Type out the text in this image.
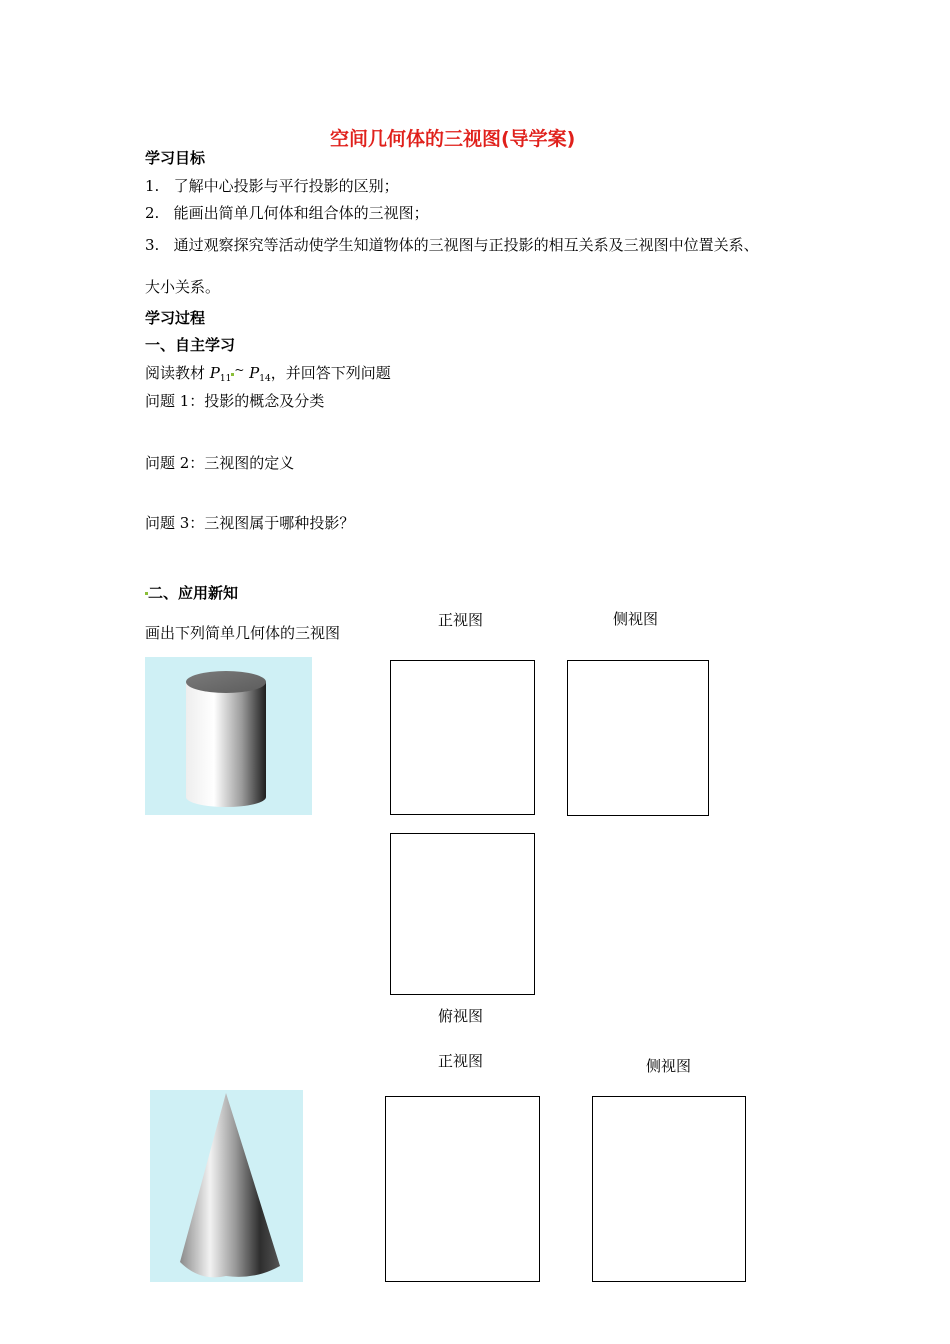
空间几何体的三视图(导学案)
学习目标
1. 了解中心投影与平行投影的区别；
2. 能画出简单几何体和组合体的三视图；
3. 通过观察探究等活动使学生知道物体的三视图与正投影的相互关系及三视图中位置关系、
大小关系。
学习过程
一、自主学习
阅读教材 $P_{11}^\sim$ $P_{14}$，并回答下列问题
问题 1：投影的概念及分类
问题 2：三视图的定义
问题 3：三视图属于哪种投影？
二、应用新知
正视图	侧视图
画出下列简单几何体的三视图
俯视图
正视图	侧视图
